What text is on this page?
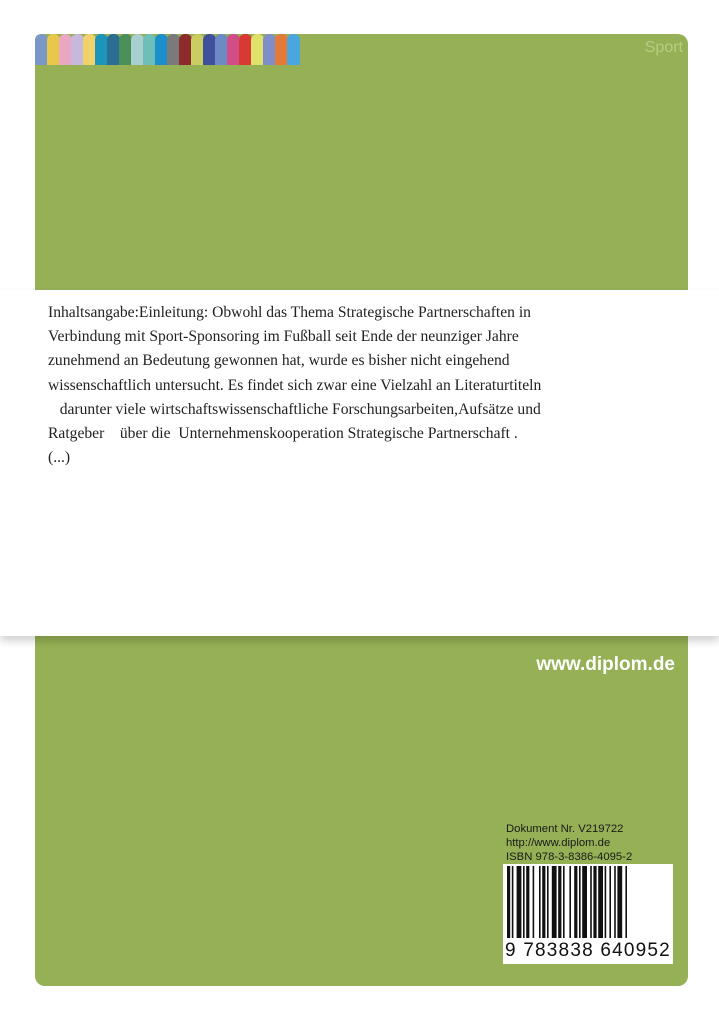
Sport

Inhaltsangabe:Einleitung: Obwohl das Thema Strategische Partnerschaften in
Verbindung mit Sport-Sponsoring im Fußball seit Ende der neunziger Jahre
zunehmend an Bedeutung gewonnen hat, wurde es bisher nicht eingehend
wissenschaftlich untersucht. Es findet sich zwar eine Vielzahl an Literaturtiteln
darunter viele wirtschaftswissenschaftliche Forschungsarbeiten,Aufsätze und
Ratgeber    über die  Unternehmenskooperation Strategische Partnerschaft .
(...)

www.diplom.de
Dokument Nr. V219722
http://www.diplom.de
ISBN 978-3-8386-4095-2
9 783838 640952
